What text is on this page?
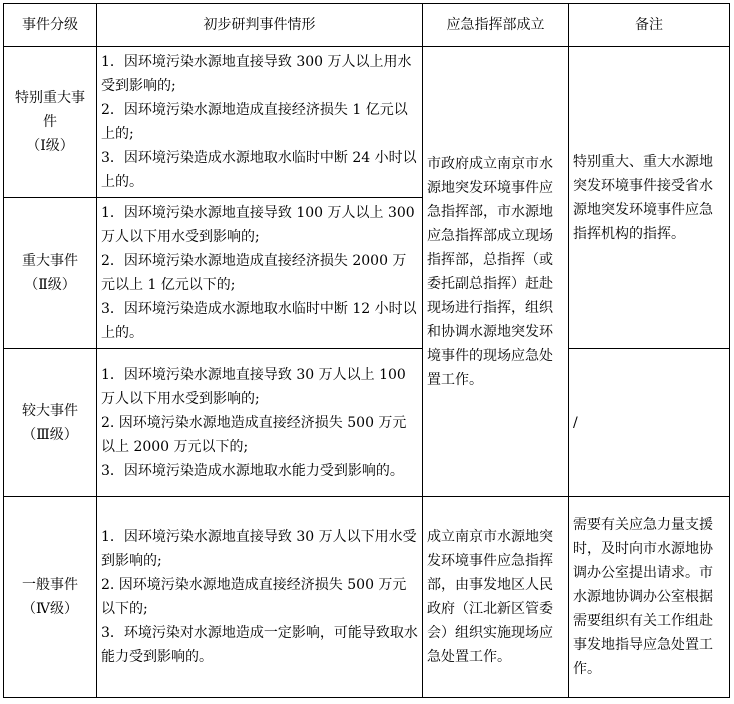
事件分级	初步研判事件情形	应急指挥部成立	备注

特别重大事件
（Ⅰ级）	1．因环境污染水源地直接导致 300 万人以上用水受到影响的;
2．因环境污染水源地造成直接经济损失 1 亿元以上的;
3．因环境污染造成水源地取水临时中断 24 小时以上的。	市政府成立南京市水源地突发环境事件应急指挥部，市水源地应急指挥部成立现场指挥部，总指挥（或委托副总指挥）赶赴现场进行指挥，组织和协调水源地突发环境事件的现场应急处置工作。	特别重大、重大水源地突发环境事件接受省水源地突发环境事件应急指挥机构的指挥。

重大事件
（Ⅱ级）	1．因环境污染水源地直接导致 100 万人以上 300 万人以下用水受到影响的;
2．因环境污染水源地造成直接经济损失 2000 万元以上 1 亿元以下的;
3．因环境污染造成水源地取水临时中断 12 小时以上的。		

较大事件
（Ⅲ级）	1．因环境污染水源地直接导致 30 万人以上 100 万人以下用水受到影响的;
2. 因环境污染水源地造成直接经济损失 500 万元以上 2000 万元以下的;
3．因环境污染造成水源地取水能力受到影响的。		/

一般事件
（Ⅳ级）	1．因环境污染水源地直接导致 30 万人以下用水受到影响的;
2. 因环境污染水源地造成直接经济损失 500 万元以下的;
3．环境污染对水源地造成一定影响，可能导致取水能力受到影响的。	成立南京市水源地突发环境事件应急指挥部，由事发地区人民政府（江北新区管委会）组织实施现场应急处置工作。	需要有关应急力量支援时，及时向市水源地协调办公室提出请求。市水源地协调办公室根据需要组织有关工作组赴事发地指导应急处置工作。
